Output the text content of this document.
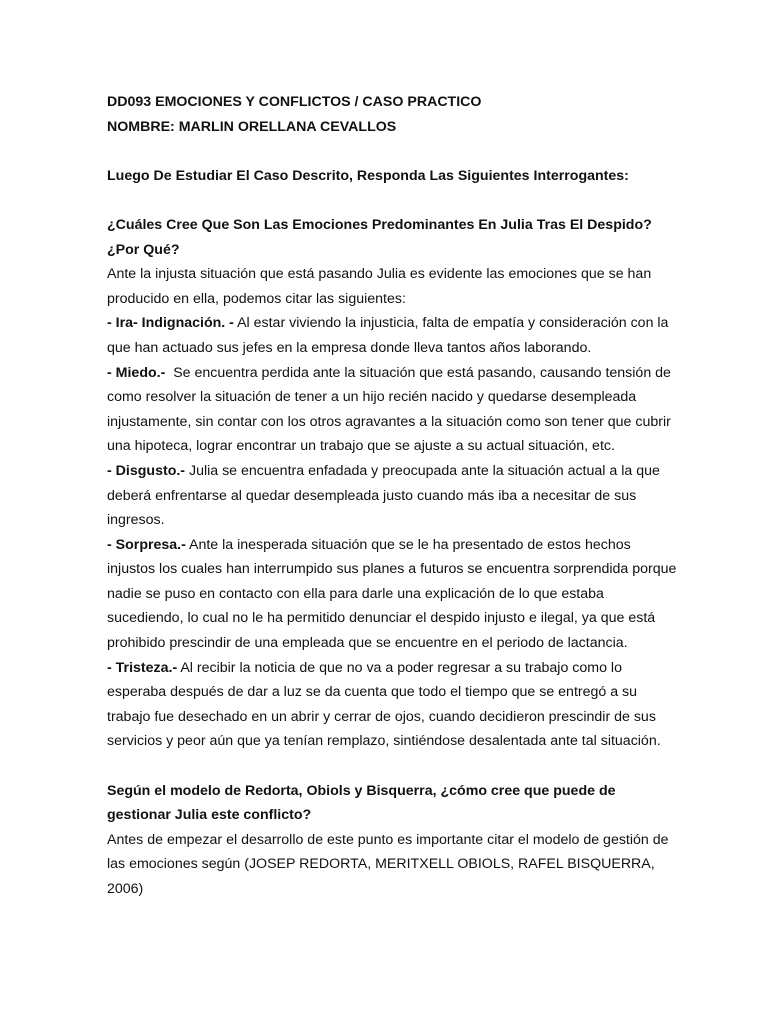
DD093 EMOCIONES Y CONFLICTOS / CASO PRACTICO
NOMBRE: MARLIN ORELLANA CEVALLOS
Luego De Estudiar El Caso Descrito, Responda Las Siguientes Interrogantes:
¿Cuáles Cree Que Son Las Emociones Predominantes En Julia Tras El Despido?
¿Por Qué?
Ante la injusta situación que está pasando Julia es evidente las emociones que se han
producido en ella, podemos citar las siguientes:
- Ira- Indignación. - Al estar viviendo la injusticia, falta de empatía y consideración con la
que han actuado sus jefes en la empresa donde lleva tantos años laborando.
- Miedo.-  Se encuentra perdida ante la situación que está pasando, causando tensión de
como resolver la situación de tener a un hijo recién nacido y quedarse desempleada
injustamente, sin contar con los otros agravantes a la situación como son tener que cubrir
una hipoteca, lograr encontrar un trabajo que se ajuste a su actual situación, etc.
- Disgusto.- Julia se encuentra enfadada y preocupada ante la situación actual a la que
deberá enfrentarse al quedar desempleada justo cuando más iba a necesitar de sus
ingresos.
- Sorpresa.- Ante la inesperada situación que se le ha presentado de estos hechos
injustos los cuales han interrumpido sus planes a futuros se encuentra sorprendida porque
nadie se puso en contacto con ella para darle una explicación de lo que estaba
sucediendo, lo cual no le ha permitido denunciar el despido injusto e ilegal, ya que está
prohibido prescindir de una empleada que se encuentre en el periodo de lactancia.
- Tristeza.- Al recibir la noticia de que no va a poder regresar a su trabajo como lo
esperaba después de dar a luz se da cuenta que todo el tiempo que se entregó a su
trabajo fue desechado en un abrir y cerrar de ojos, cuando decidieron prescindir de sus
servicios y peor aún que ya tenían remplazo, sintiéndose desalentada ante tal situación.
Según el modelo de Redorta, Obiols y Bisquerra, ¿cómo cree que puede de
gestionar Julia este conflicto?
Antes de empezar el desarrollo de este punto es importante citar el modelo de gestión de
las emociones según (JOSEP REDORTA, MERITXELL OBIOLS, RAFEL BISQUERRA,
2006)
